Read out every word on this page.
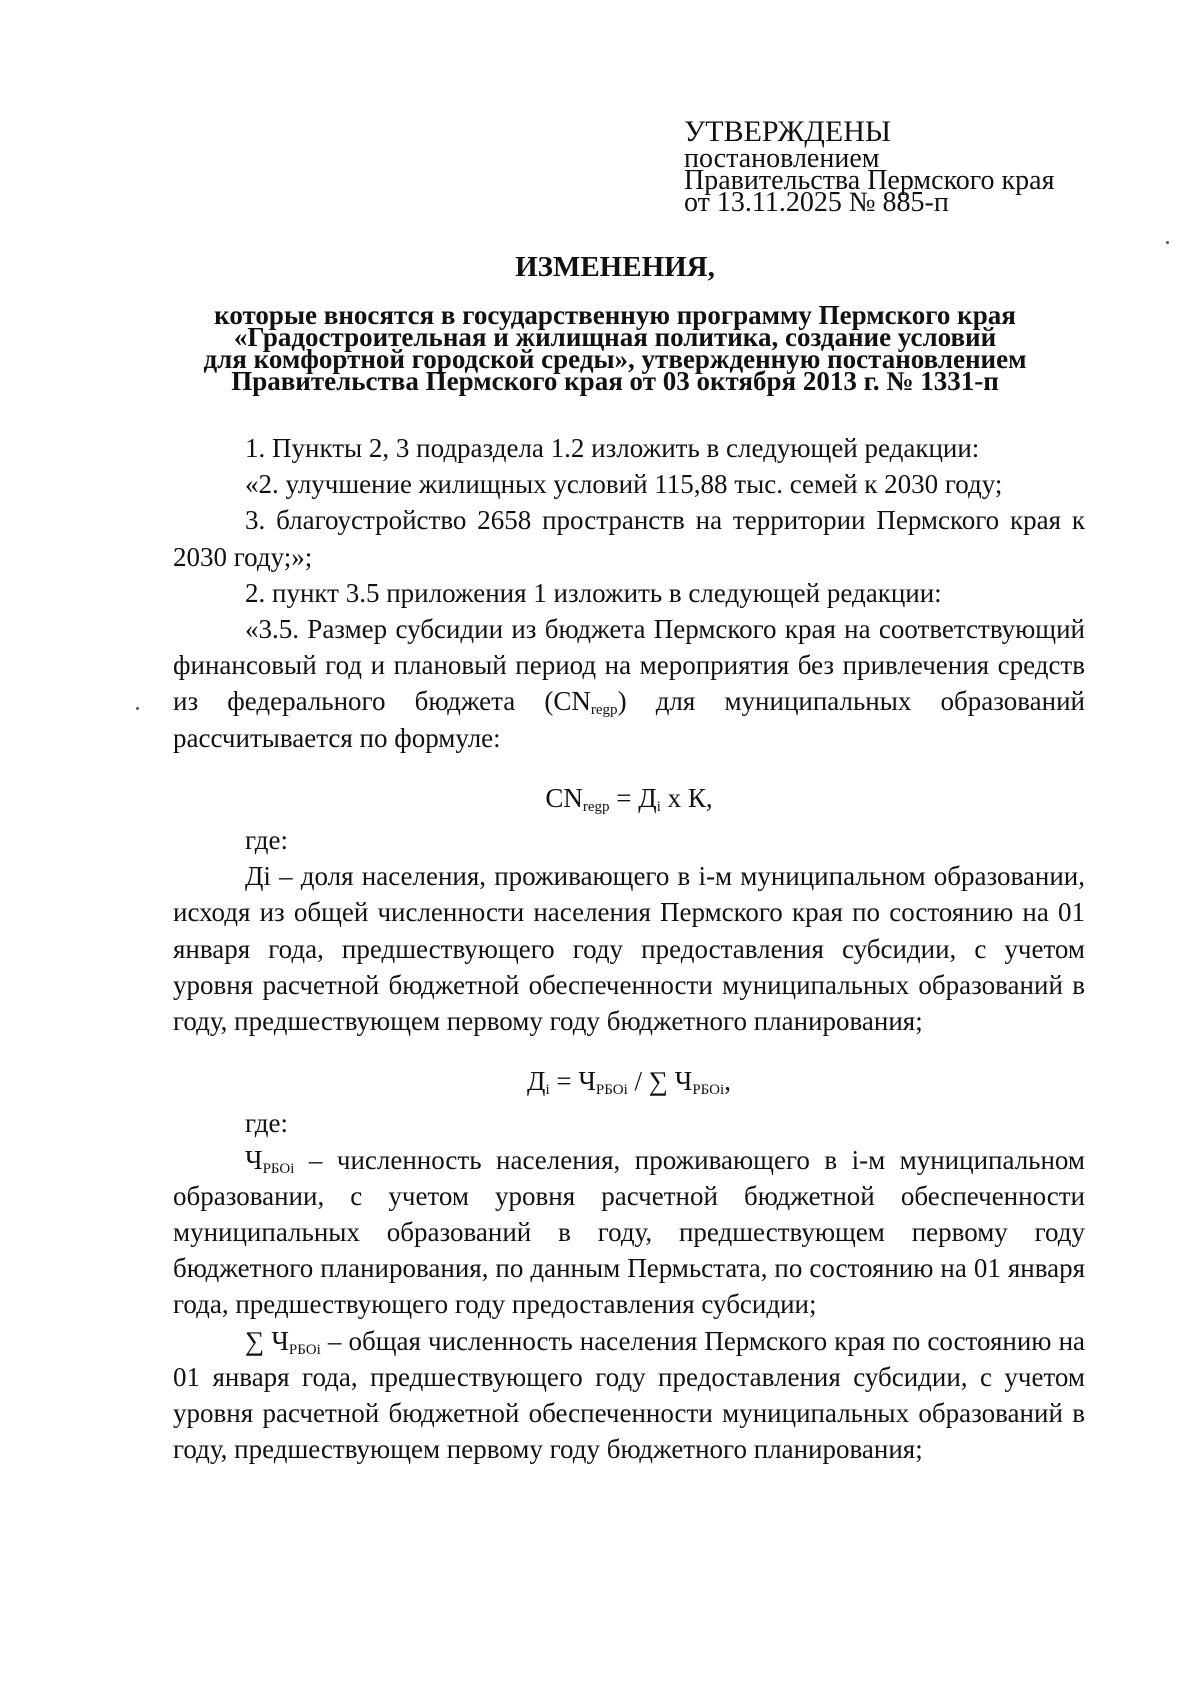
УТВЕРЖДЕНЫ
постановлением
Правительства Пермского края
от 13.11.2025 № 885-п
ИЗМЕНЕНИЯ,
которые вносятся в государственную программу Пермского края
«Градостроительная и жилищная политика, создание условий
для комфортной городской среды», утвержденную постановлением
Правительства Пермского края от 03 октября 2013 г. № 1331-п
1. Пункты 2, 3 подраздела 1.2 изложить в следующей редакции:
«2. улучшение жилищных условий 115,88 тыс. семей к 2030 году;
3. благоустройство 2658 пространств на территории Пермского края к 2030 году;»;
2. пункт 3.5 приложения 1 изложить в следующей редакции:
«3.5. Размер субсидии из бюджета Пермского края на соответствующий финансовый год и плановый период на мероприятия без привлечения средств из федерального бюджета $(CN_{regp})$ для муниципальных образований рассчитывается по формуле:
$CN_{regp} = Д_i$ х К,
где:
Дi – доля населения, проживающего в i-м муниципальном образовании, исходя из общей численности населения Пермского края по состоянию на 01 января года, предшествующего году предоставления субсидии, с учетом уровня расчетной бюджетной обеспеченности муниципальных образований в году, предшествующем первому году бюджетного планирования;
$Д_i = Ч_{РБОi}$ / ∑ $Ч_{РБОi}$,
где:
$Ч_{РБОi}$ – численность населения, проживающего в i-м муниципальном образовании, с учетом уровня расчетной бюджетной обеспеченности муниципальных образований в году, предшествующем первому году бюджетного планирования, по данным Пермьстата, по состоянию на 01 января года, предшествующего году предоставления субсидии;
∑ $Ч_{РБОi}$ – общая численность населения Пермского края по состоянию на 01 января года, предшествующего году предоставления субсидии, с учетом уровня расчетной бюджетной обеспеченности муниципальных образований в году, предшествующем первому году бюджетного планирования;
